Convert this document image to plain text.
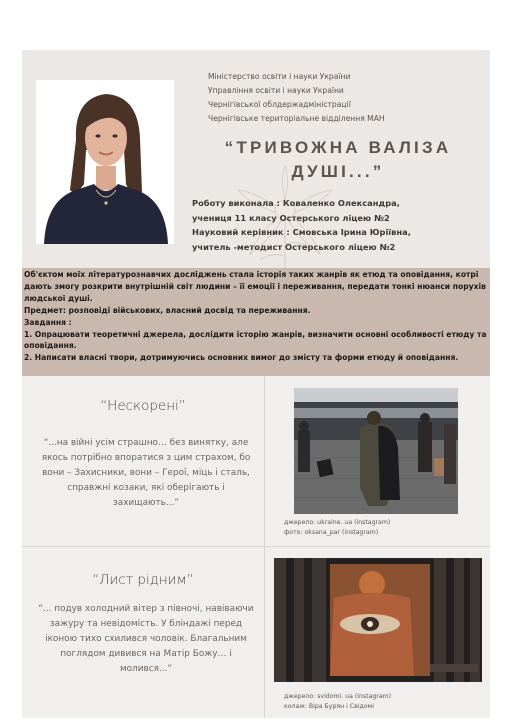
Міністерство освіти і науки України
Управління освіти і науки України
Чернігівської облдержадміністрації
Чернігівське територіальне відділення МАН
“ТРИВОЖНА ВАЛІЗА
ДУШІ...”
Роботу виконала : Коваленко Олександра,
учениця 11 класу Остерського ліцею №2
Науковий керівник : Смовська Ірина Юріївна,
учитель -методист Остерського ліцею №2

Об'єктом моїх літературознавчих досліджень стала історія таких жанрів як етюд та оповідання, котрі дають змогу розкрити внутрішній світ людини – її емоції і переживання, передати тонкі нюанси порухів людської душі.

Предмет: розповіді військових, власний досвід та переживання.

Завдання :

1. Опрацювати теоретичні джерела, дослідити історію жанрів, визначити основні особливості етюду та оповідання.

2. Написати власні твори, дотримуючись основних вимог до змісту та форми етюду й оповідання.

“Нескорені”
“...на війні усім страшно… без винятку, але якось потрібно впоратися з цим страхом, бо вони – Захисники, вони – Герої, міць і сталь, справжні козаки, які оберігають і захищають...”
джерело: ukraine. ua (instagram)
фото: oksana_par (instagram)
“Лист рідним”
“... подув холодний вітер з півночі, навіваючи зажуру та невідомість. У бліндажі перед іконою тихо схилився чоловік. Благальним поглядом дивився на Матір Божу… і молився...”
джерело: svidomi. ua (instagram)
колаж: Віра Бурян і Свідомі
